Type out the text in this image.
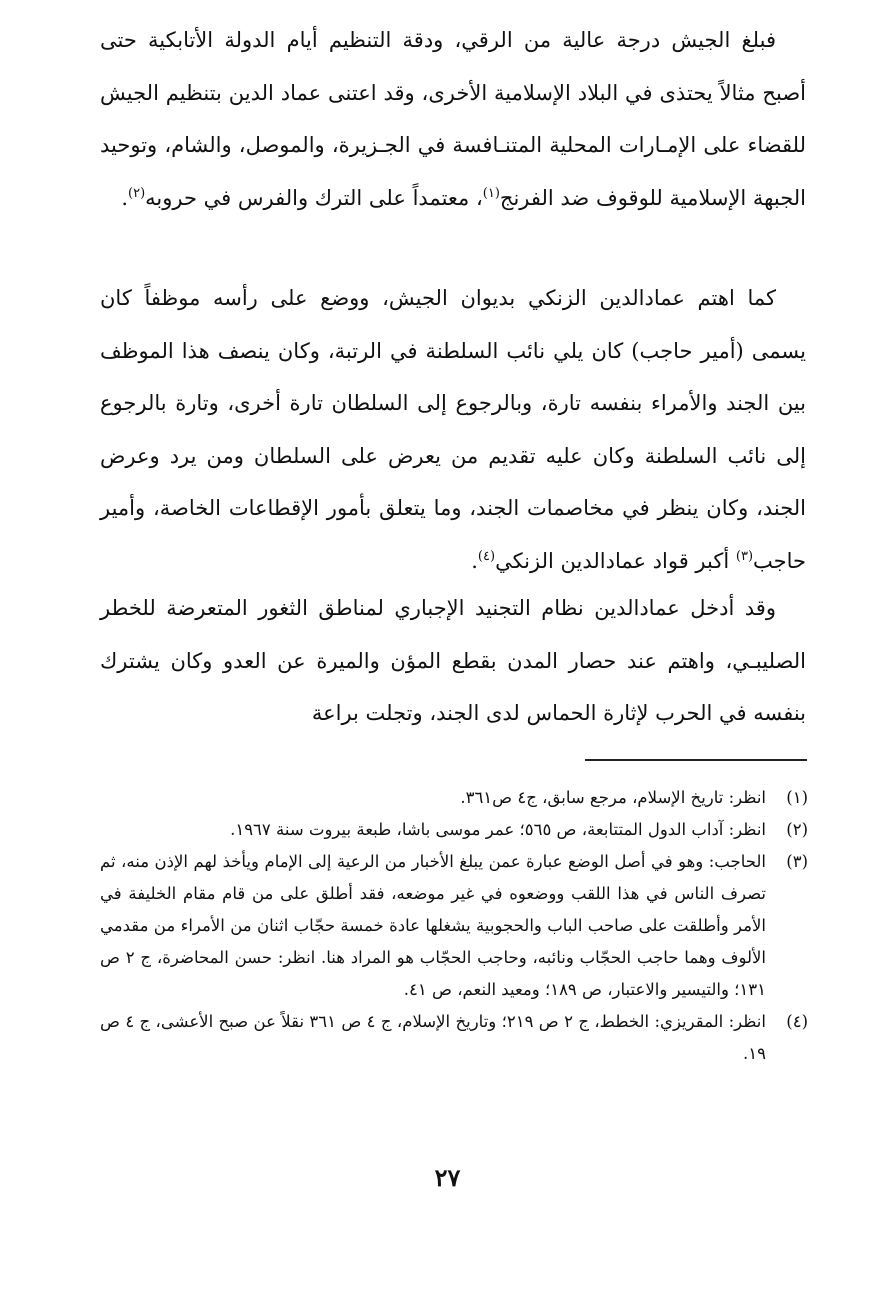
فبلغ الجيش درجة عالية من الرقي، ودقة التنظيم أيام الدولة الأتابكية حتى أصبح مثالاً يحتذى في البلاد الإسلامية الأخرى، وقد اعتنى عماد الدين بتنظيم الجيش للقضاء على الإمـارات المحلية المتنـافسة في الجـزيرة، والموصل، والشام، وتوحيد الجبهة الإسلامية للوقوف ضد الفرنج$^{(١)}$، معتمداً على الترك والفرس في حروبه$^{(٢)}$.

كما اهتم عمادالدين الزنكي بديوان الجيش، ووضع على رأسه موظفاً كان يسمى (أمير حاجب) كان يلي نائب السلطنة في الرتبة، وكان ينصف هذا الموظف بين الجند والأمراء بنفسه تارة، وبالرجوع إلى السلطان تارة أخرى، وتارة بالرجوع إلى نائب السلطنة وكان عليه تقديم من يعرض على السلطان ومن يرد وعرض الجند، وكان ينظر في مخاصمات الجند، وما يتعلق بأمور الإقطاعات الخاصة، وأمير حاجب$^{(٣)}$ أكبر قواد عمادالدين الزنكي$^{(٤)}$.

وقد أدخل عمادالدين نظام التجنيد الإجباري لمناطق الثغور المتعرضة للخطر الصليبـي، واهتم عند حصار المدن بقطع المؤن والميرة عن العدو وكان يشترك بنفسه في الحرب لإثارة الحماس لدى الجند، وتجلت براعة

(١)
انظر: تاريخ الإسلام، مرجع سابق، ج٤ ص٣٦١.
(٢)
انظر: آداب الدول المتتابعة، ص ٥٦٥؛ عمر موسى باشا، طبعة بيروت سنة ١٩٦٧.
(٣)
الحاجب: وهو في أصل الوضع عبارة عمن يبلغ الأخبار من الرعية إلى الإمام ويأخذ لهم الإذن منه، ثم تصرف الناس في هذا اللقب ووضعوه في غير موضعه، فقد أطلق على من قام مقام الخليفة في الأمر وأطلقت على صاحب الباب والحجوبية يشغلها عادة خمسة حجّاب اثنان من الأمراء من مقدمي الألوف وهما حاجب الحجّاب ونائبه، وحاجب الحجّاب هو المراد هنا. انظر: حسن المحاضرة، ج ٢ ص ١٣١؛ والتيسير والاعتبار، ص ١٨٩؛ ومعيد النعم، ص ٤١.
(٤)
انظر: المقريزي: الخطط، ج ٢ ص ٢١٩؛ وتاريخ الإسلام، ج ٤ ص ٣٦١ نقلاً عن صبح الأعشى، ج ٤ ص ١٩.
٢٧
